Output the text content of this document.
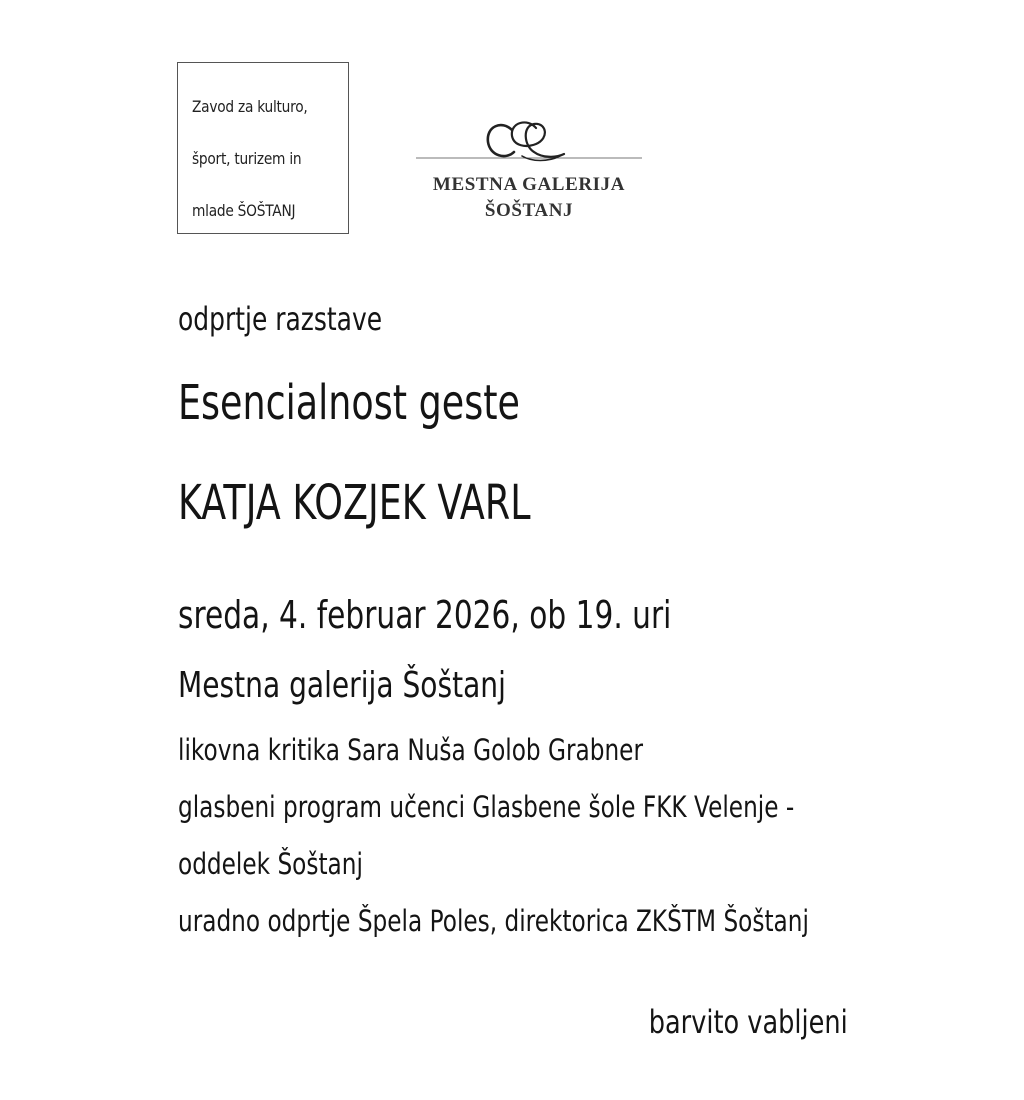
Zavod za kulturo,
šport, turizem in
mlade ŠOŠTANJ
MESTNA GALERIJA
ŠOŠTANJ
odprtje razstave
Esencialnost geste
KATJA KOZJEK VARL
sreda, 4. februar 2026, ob 19. uri
Mestna galerija Šoštanj
likovna kritika Sara Nuša Golob Grabner
glasbeni program učenci Glasbene šole FKK Velenje -
oddelek Šoštanj
uradno odprtje Špela Poles, direktorica ZKŠTM Šoštanj
barvito vabljeni
